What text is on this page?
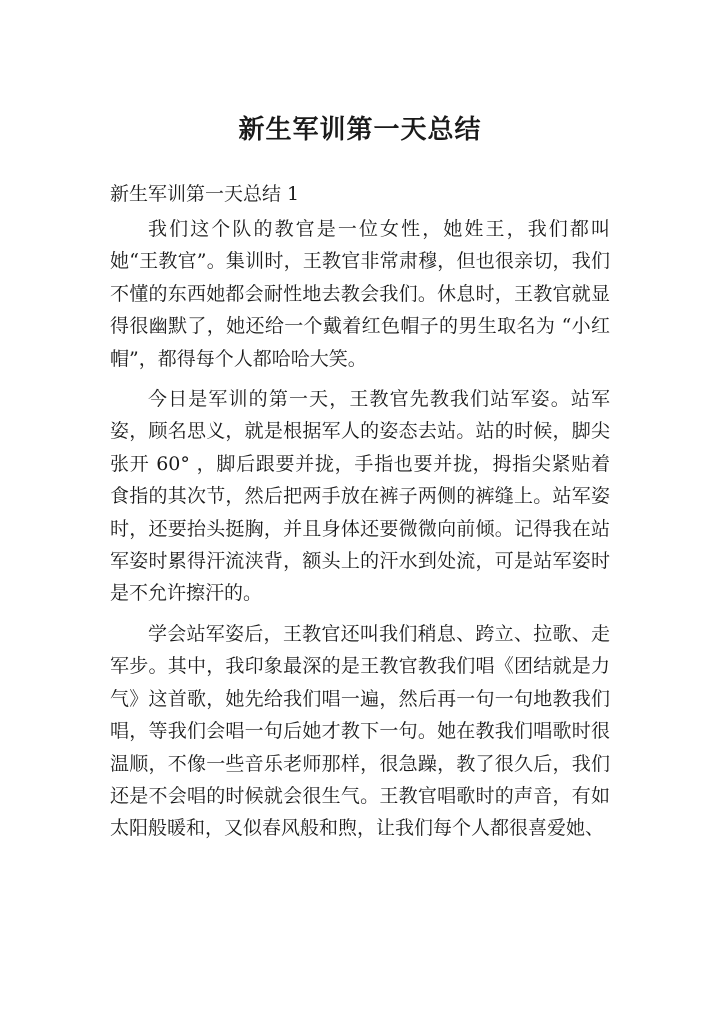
新生军训第一天总结
新生军训第一天总结 1

我们这个队的教官是一位女性，她姓王，我们都叫她“王教官”。集训时，王教官非常肃穆，但也很亲切，我们不懂的东西她都会耐性地去教会我们。休息时，王教官就显得很幽默了，她还给一个戴着红色帽子的男生取名为 “小红帽”，都得每个人都哈哈大笑。

今日是军训的第一天，王教官先教我们站军姿。站军姿，顾名思义，就是根据军人的姿态去站。站的时候，脚尖张开 60° ，脚后跟要并拢，手指也要并拢，拇指尖紧贴着食指的其次节，然后把两手放在裤子两侧的裤缝上。站军姿时，还要抬头挺胸，并且身体还要微微向前倾。记得我在站军姿时累得汗流浃背，额头上的汗水到处流，可是站军姿时是不允许擦汗的。

学会站军姿后，王教官还叫我们稍息、跨立、拉歌、走军步。其中，我印象最深的是王教官教我们唱《团结就是力气》这首歌，她先给我们唱一遍，然后再一句一句地教我们唱，等我们会唱一句后她才教下一句。她在教我们唱歌时很温顺，不像一些音乐老师那样，很急躁，教了很久后，我们还是不会唱的时候就会很生气。王教官唱歌时的声音，有如太阳般暖和，又似春风般和煦，让我们每个人都很喜爱她、
